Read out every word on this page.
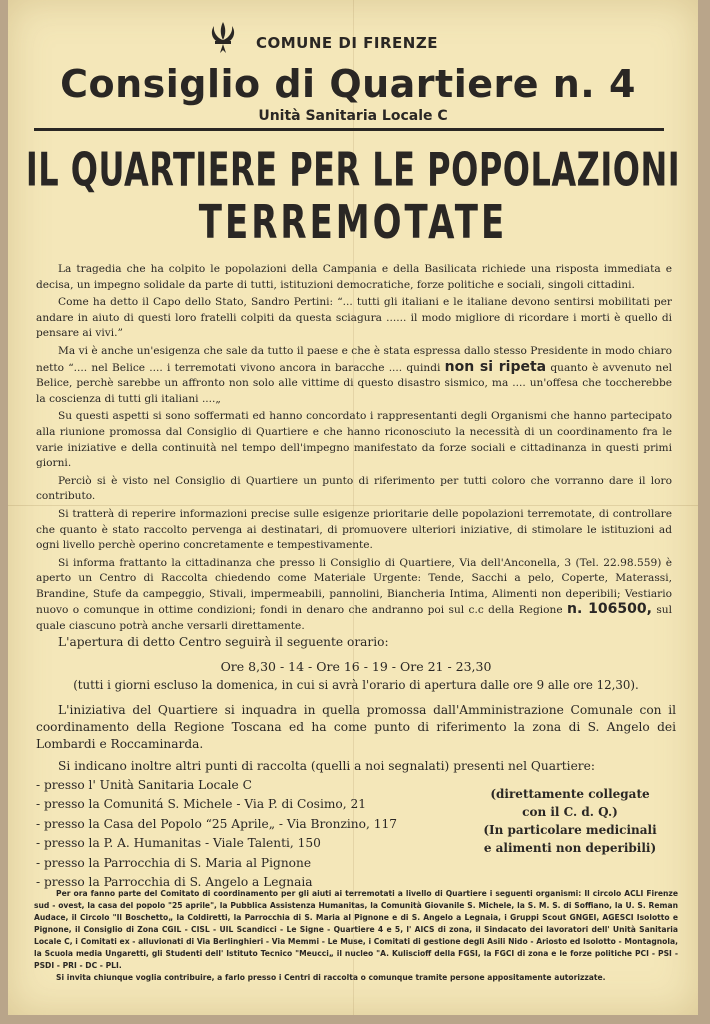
COMUNE DI FIRENZE
Consiglio di Quartiere n. 4
Unità Sanitaria Locale C
IL QUARTIERE PER LE POPOLAZIONI
TERREMOTATE

La tragedia che ha colpito le popolazioni della Campania e della Basilicata richiede una risposta immediata e decisa, un impegno solidale da parte di tutti, istituzioni democratiche, forze politiche e sociali, singoli cittadini.

Come ha detto il Capo dello Stato, Sandro Pertini: “... tutti gli italiani e le italiane devono sentirsi mobilitati per andare in aiuto di questi loro fratelli colpiti da questa sciagura ...... il modo migliore di ricordare i morti è quello di pensare ai vivi.”

Ma vi è anche un'esigenza che sale da tutto il paese e che è stata espressa dallo stesso Presidente in modo chiaro netto “.... nel Belice .... i terremotati vivono ancora in baracche .... quindi non si ripeta quanto è avvenuto nel Belice, perchè sarebbe un affronto non solo alle vittime di questo disastro sismico, ma .... un'offesa che toccherebbe la coscienza di tutti gli italiani ....„

Su questi aspetti si sono soffermati ed hanno concordato i rappresentanti degli Organismi che hanno partecipato alla riunione promossa dal Consiglio di Quartiere e che hanno riconosciuto la necessità di un coordinamento fra le varie iniziative e della continuità nel tempo dell'impegno manifestato da forze sociali e cittadinanza in questi primi giorni.

Perciò si è visto nel Consiglio di Quartiere un punto di riferimento per tutti coloro che vorranno dare il loro contributo.

Si tratterà di reperire informazioni precise sulle esigenze prioritarie delle popolazioni terremotate, di controllare che quanto è stato raccolto pervenga ai destinatari, di promuovere ulteriori iniziative, di stimolare le istituzioni ad ogni livello perchè operino concretamente e tempestivamente.

Si informa frattanto la cittadinanza che presso li Consiglio di Quartiere, Via dell'Anconella, 3 (Tel. 22.98.559) è aperto un Centro di Raccolta chiedendo come Materiale Urgente: Tende, Sacchi a pelo, Coperte, Materassi, Brandine, Stufe da campeggio, Stivali, impermeabili, pannolini, Biancheria Intima, Alimenti non deperibili; Vestiario nuovo o comunque in ottime condizioni; fondi in denaro che andranno poi sul c.c della Regione n. 106500, sul quale ciascuno potrà anche versarli direttamente.

L'apertura di detto Centro seguirà il seguente orario:

Ore 8,30 - 14 - Ore 16 - 19 - Ore 21 - 23,30
(tutti i giorni escluso la domenica, in cui si avrà l'orario di apertura dalle ore 9 alle ore 12,30).

L'iniziativa del Quartiere si inquadra in quella promossa dall'Amministrazione Comunale con il coordinamento della Regione Toscana ed ha come punto di riferimento la zona di S. Angelo dei Lombardi e Roccaminarda.

Si indicano inoltre altri punti di raccolta (quelli a noi segnalati) presenti nel Quartiere:

- presso l' Unità Sanitaria Locale C
- presso la Comunitá S. Michele - Via P. di Cosimo, 21
- presso la Casa del Popolo “25 Aprile„ - Via Bronzino, 117
- presso la P. A. Humanitas - Viale Talenti, 150
- presso la Parrocchia di S. Maria al Pignone
- presso la Parrocchia di S. Angelo a Legnaia
(direttamente collegate
con il C. d. Q.)
(In particolare medicinali
e alimenti non deperibili)

Per ora fanno parte del Comitato di coordinamento per gli aiuti ai terremotati a livello di Quartiere i seguenti organismi: Il circolo ACLI Firenze sud - ovest, la casa del popolo "25 aprile", la Pubblica Assistenza Humanitas, la Comunità Giovanile S. Michele, la S. M. S. di Soffiano, la U. S. Reman Audace, il Circolo "Il Boschetto„ la Coldiretti, la Parrocchia di S. Maria al Pignone e di S. Angelo a Legnaia, i Gruppi Scout GNGEI, AGESCI Isolotto e Pignone, il Consiglio di Zona CGIL - CISL - UIL Scandicci - Le Signe - Quartiere 4 e 5, l' AICS di zona, il Sindacato dei lavoratori dell' Unità Sanitaria Locale C, i Comitati ex - alluvionati di Via Berlinghieri - Via Memmi - Le Muse, i Comitati di gestione degli Asili Nido - Ariosto ed Isolotto - Montagnola, la Scuola media Ungaretti, gli Studenti dell' Istituto Tecnico "Meucci„ il nucleo "A. Kuliscioff della FGSI, la FGCI di zona e le forze politiche PCI - PSI - PSDI - PRI - DC - PLI.

Si invita chiunque voglia contribuire, a farlo presso i Centri di raccolta o comunque tramite persone appositamente autorizzate.
